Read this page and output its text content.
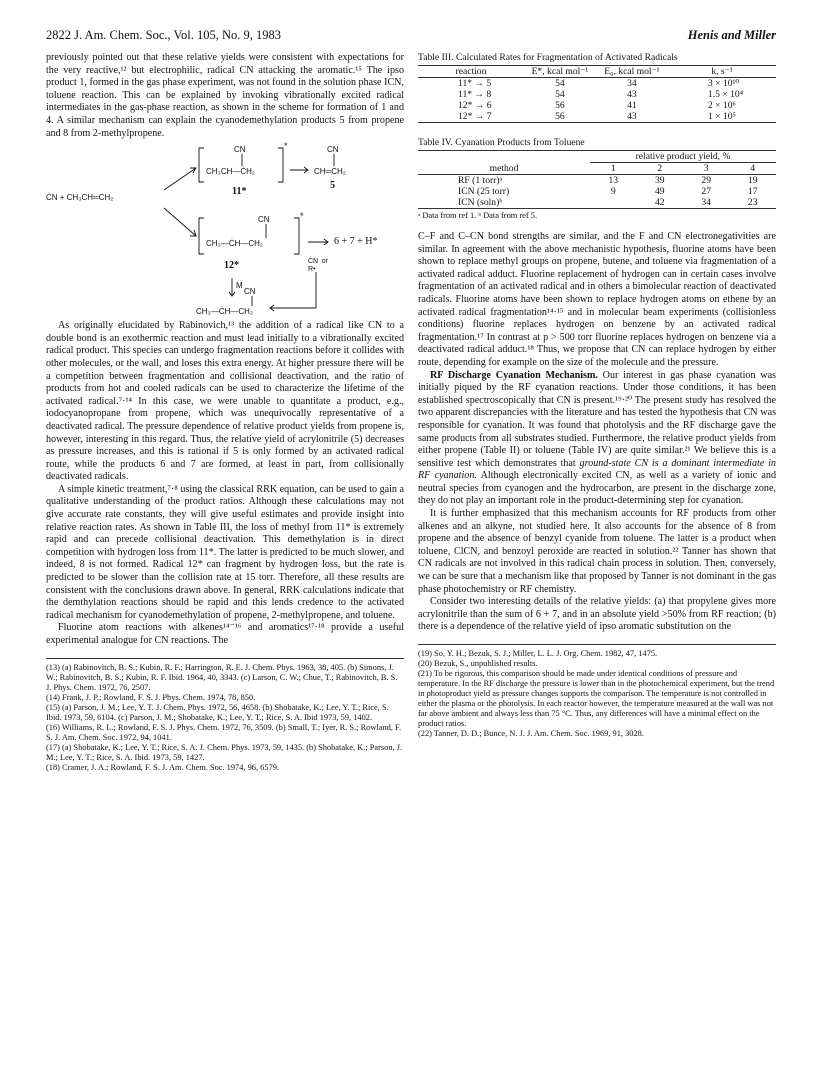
2822 J. Am. Chem. Soc., Vol. 105, No. 9, 1983	Henis and Miller

previously pointed out that these relative yields were consistent with expectations for the very reactive,¹² but electrophilic, radical CN attacking the aromatic.¹⁵ The ipso product 1, formed in the gas phase experiment, was not found in the solution phase ICN, toluene reaction. This can be explained by invoking vibrationally excited radical intermediates in the gas-phase reaction, as shown in the scheme for formation of 1 and 4. A similar mechanism can explain the cyanodemethylation products 5 from propene and 8 from 2-methylpropene.

ĊN + CH₃CH═CH₂
CN
CH₃CH—ĊH₂
*
11*
CN
CH═CH₂
5
CN
CH₃—ĊH—CH₂
*
6 + 7 + H*
12*
M
ĊN or R•
CN
CH₃—ĊH—CH₂

As originally elucidated by Rabinovich,¹³ the addition of a radical like CN to a double bond is an exothermic reaction and must lead initially to a vibrationally excited radical product. This species can undergo fragmentation reactions before it collides with other molecules, or the wall, and loses this extra energy. At higher pressure there will be a competition between fragmentation and collisional deactivation, and the ratio of products from hot and cooled radicals can be used to characterize the lifetime of the activated radical.⁷·¹⁴ In this case, we were unable to quantitate a product, e.g., iodocyanopropane from propene, which was unequivocally representative of a deactivated radical. The pressure dependence of relative product yields from propene is, however, interesting in this regard. Thus, the relative yield of acrylonitrile (5) decreases as pressure increases, and this is rational if 5 is only formed by an activated radical route, while the products 6 and 7 are formed, at least in part, from collisionally deactivated radicals.

A simple kinetic treatment,⁷·⁸ using the classical RRK equation, can be used to gain a qualitative understanding of the product ratios. Although these calculations may not give accurate rate constants, they will give useful estimates and provide insight into relative reaction rates. As shown in Table III, the loss of methyl from 11* is extremely rapid and can precede collisional deactivation. This demethylation is in direct competition with hydrogen loss from 11*. The latter is predicted to be much slower, and indeed, 8 is not formed. Radical 12* can fragment by hydrogen loss, but the rate is predicted to be slower than the collision rate at 15 torr. Therefore, all these results are consistent with the conclusions drawn above. In general, RRK calculations indicate that the demthylation reactions should be rapid and this lends credence to the activated radical mechanism for cyanodemethylation of propene, 2-methylpropene, and toluene.

Fluorine atom reactions with alkenes¹⁴⁻¹⁶ and aromatics¹⁷·¹⁸ provide a useful experimental analogue for CN reactions. The

(13) (a) Rabinovitch, B. S.; Kubin, R. F.; Harrington, R. E. J. Chem. Phys. 1963, 38, 405. (b) Simons, J. W.; Rabinovitch, B. S.; Kubin, R. F. Ibid. 1964, 40, 3343. (c) Larson, C. W.; Chue, T.; Rabinovitch, B. S. J. Phys. Chem. 1972, 76, 2507.

(14) Frank, J. P.; Rowland, F. S. J. Phys. Chem. 1974, 78, 850.

(15) (a) Parson, J. M.; Lee, Y. T. J. Chem. Phys. 1972, 56, 4658. (b) Shobatake, K.; Lee, Y. T.; Rice, S. Ibid. 1973, 59, 6104. (c) Parson, J. M.; Shobatake, K.; Lee, Y. T.; Rice, S. A. Ibid 1973, 59, 1402.

(16) Williams, R. L.; Rowland, F. S. J. Phys. Chem. 1972, 76, 3509. (b) Small, T.; Iyer, R. S.; Rowland, F. S. J. Am. Chem. Soc. 1972, 94, 1041.

(17) (a) Shobatake, K.; Lee, Y. T.; Rice, S. A. J. Chem. Phys. 1973, 59, 1435. (b) Shobatake, K.; Parson, J. M.; Lee, Y. T.; Rice, S. A. Ibid. 1973, 59, 1427.

(18) Cramer, J. A.; Rowland, F. S. J. Am. Chem. Soc. 1974, 96, 6579.

Table III. Calculated Rates for Fragmentation of Activated Radicals

reaction	E*, kcal mol⁻¹	E₀, kcal mol⁻¹	k, s⁻¹
11* → 5	54	34	3 × 10¹⁰
11* → 8	54	43	1.5 × 10⁴
12* → 6	56	41	2 × 10⁶
12* → 7	56	43	1 × 10⁵

Table IV. Cyanation Products from Toluene

	relative product yield, %			
method	1	2	3	4
RF (1 torr)ᵃ	13	39	29	19
ICN (25 torr)	9	49	27	17
ICN (soln)ᵇ		42	34	23

ᵃ Data from ref 1. ᵇ Data from ref 5.

C–F and C–CN bond strengths are similar, and the F and CN electronegativities are similar. In agreement with the above mechanistic hypothesis, fluorine atoms have been shown to replace methyl groups on propene, butene, and toluene via fragmentation of a activated radical adduct. Fluorine replacement of hydrogen can in certain cases involve fragmentation of an activated radical and in others a bimolecular reaction of deactivated radicals. Fluorine atoms have been shown to replace hydrogen atoms on ethene by an activated radical fragmentation¹⁴·¹⁵ and in molecular beam experiments (collisionless conditions) fluorine replaces hydrogen on benzene by an activated radical fragmentation.¹⁷ In contrast at p > 500 torr fluorine replaces hydrogen on benzene via a deactivated radical adduct.¹⁸ Thus, we propose that CN can replace hydrogen by either route, depending for example on the size of the molecule and the pressure.

RF Discharge Cyanation Mechanism. Our interest in gas phase cyanation was initially piqued by the RF cyanation reactions. Under those conditions, it has been established spectroscopically that CN is present.¹⁹·²⁰ The present study has resolved the two apparent discrepancies with the literature and has tested the hypothesis that CN was responsible for cyanation. It was found that photolysis and the RF discharge gave the same products from all substrates studied. Furthermore, the relative product yields from either propene (Table II) or toluene (Table IV) are quite similar.²¹ We believe this is a sensitive test which demonstrates that ground-state CN is a dominant intermediate in RF cyanation. Although electronically excited CN, as well as a variety of ionic and neutral species from cyanogen and the hydrocarbon, are present in the discharge zone, they do not play an important role in the product-determining step for cyanation.

It is further emphasized that this mechanism accounts for RF products from other alkenes and an alkyne, not studied here. It also accounts for the absence of 8 from propene and the absence of benzyl cyanide from toluene. The latter is a product when toluene, ClCN, and benzoyl peroxide are reacted in solution.²² Tanner has shown that CN radicals are not involved in this radical chain process in solution. Then, conversely, we can be sure that a mechanism like that proposed by Tanner is not dominant in the gas phase photochemistry or RF chemistry.

Consider two interesting details of the relative yields: (a) that propylene gives more acrylonitrile than the sum of 6 + 7, and in an absolute yield >50% from RF reaction; (b) there is a dependence of the relative yield of ipso aromatic substitution on the

(19) So, Y. H.; Bezuk, S. J.; Miller, L. L. J. Org. Chem. 1982, 47, 1475.

(20) Bezuk, S., unpublished results.

(21) To be rigorous, this comparison should be made under identical conditions of pressure and temperature. In the RF discharge the pressure is lower than in the photochemical experiment, but the trend in photoproduct yield as pressure changes supports the comparison. The temperature is not controlled in either the plasma or the photolysis. In each reactor however, the temperature measured at the wall was not far above ambient and always less than 75 °C. Thus, any differences will have a minimal effect on the product ratios.

(22) Tanner, D. D.; Bunce, N. J. J. Am. Chem. Soc. 1969, 91, 3028.
